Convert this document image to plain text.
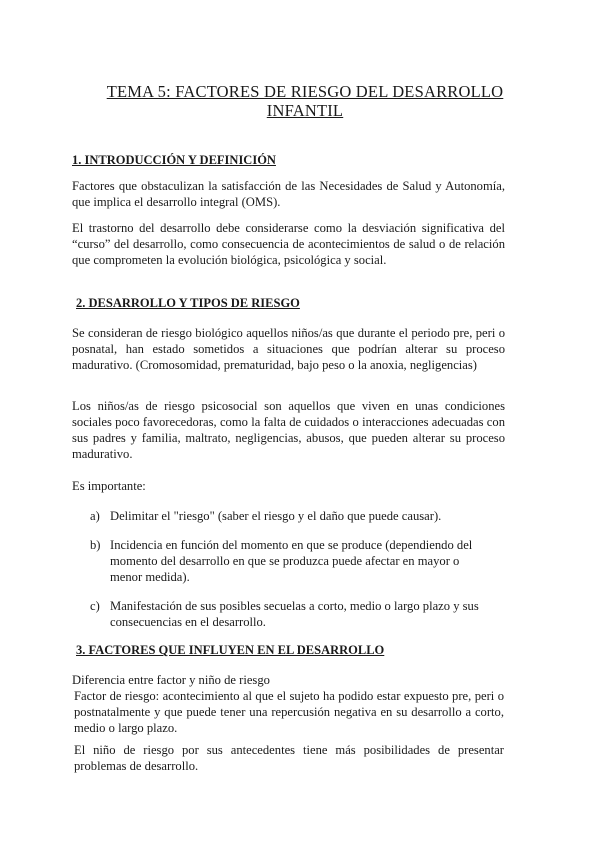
TEMA 5: FACTORES DE RIESGO DEL DESARROLLO
INFANTIL
1. INTRODUCCIÓN Y DEFINICIÓN
Factores que obstaculizan la satisfacción de las Necesidades de Salud y Autonomía, que implica el desarrollo integral (OMS).
El trastorno del desarrollo debe considerarse como la desviación significativa del “curso” del desarrollo, como consecuencia de acontecimientos de salud o de relación que comprometen la evolución biológica, psicológica y social.
2. DESARROLLO Y TIPOS DE RIESGO
Se consideran de riesgo biológico aquellos niños/as que durante el periodo pre, peri o posnatal, han estado sometidos a situaciones que podrían alterar su proceso madurativo. (Cromosomidad, prematuridad, bajo peso o la anoxia, negligencias)
Los niños/as de riesgo psicosocial son aquellos que viven en unas condiciones sociales poco favorecedoras, como la falta de cuidados o interacciones adecuadas con sus padres y familia, maltrato, negligencias, abusos, que pueden alterar su proceso madurativo.
Es importante:
a) Delimitar el "riesgo" (saber el riesgo y el daño que puede causar).
b) Incidencia en función del momento en que se produce (dependiendo del momento del desarrollo en que se produzca puede afectar en mayor o menor medida).
c) Manifestación de sus posibles secuelas a corto, medio o largo plazo y sus consecuencias en el desarrollo.
3. FACTORES QUE INFLUYEN EN EL DESARROLLO
Diferencia entre factor y niño de riesgo
Factor de riesgo: acontecimiento al que el sujeto ha podido estar expuesto pre, peri o postnatalmente y que puede tener una repercusión negativa en su desarrollo a corto, medio o largo plazo.
El niño de riesgo por sus antecedentes tiene más posibilidades de presentar problemas de desarrollo.
